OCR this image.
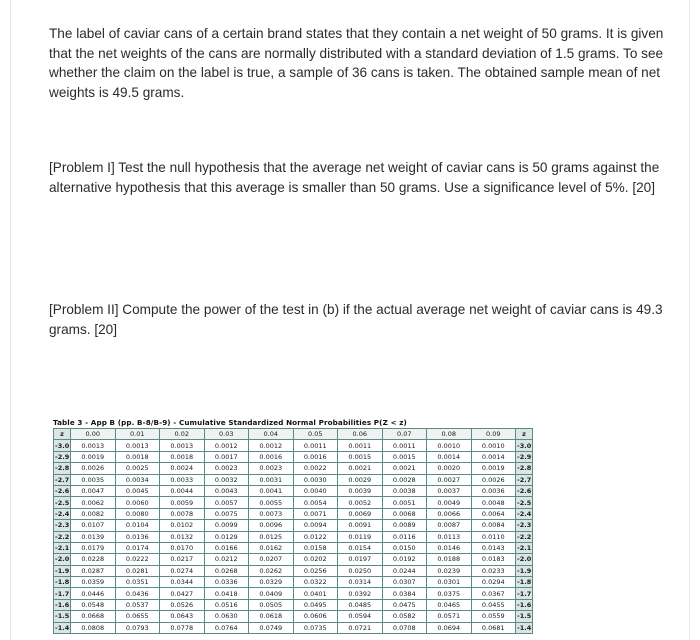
The label of caviar cans of a certain brand states that they contain a net weight of 50 grams. It is given that the net weights of the cans are normally distributed with a standard deviation of 1.5 grams. To see whether the claim on the label is true, a sample of 36 cans is taken. The obtained sample mean of net weights is 49.5 grams.

[Problem I] Test the null hypothesis that the average net weight of caviar cans is 50 grams against the alternative hypothesis that this average is smaller than 50 grams. Use a significance level of 5%. [20]

[Problem II] Compute the power of the test in (b) if the actual average net weight of caviar cans is 49.3 grams. [20]

Table 3 - App B (pp. B-8/B-9) - Cumulative Standardized Normal Probabilities P(Z < z)
z	0.00	0.01	0.02	0.03	0.04	0.05	0.06	0.07	0.08	0.09	z
-3.0	0.0013	0.0013	0.0013	0.0012	0.0012	0.0011	0.0011	0.0011	0.0010	0.0010	-3.0
-2.9	0.0019	0.0018	0.0018	0.0017	0.0016	0.0016	0.0015	0.0015	0.0014	0.0014	-2.9
-2.8	0.0026	0.0025	0.0024	0.0023	0.0023	0.0022	0.0021	0.0021	0.0020	0.0019	-2.8
-2.7	0.0035	0.0034	0.0033	0.0032	0.0031	0.0030	0.0029	0.0028	0.0027	0.0026	-2.7
-2.6	0.0047	0.0045	0.0044	0.0043	0.0041	0.0040	0.0039	0.0038	0.0037	0.0036	-2.6
-2.5	0.0062	0.0060	0.0059	0.0057	0.0055	0.0054	0.0052	0.0051	0.0049	0.0048	-2.5
-2.4	0.0082	0.0080	0.0078	0.0075	0.0073	0.0071	0.0069	0.0068	0.0066	0.0064	-2.4
-2.3	0.0107	0.0104	0.0102	0.0099	0.0096	0.0094	0.0091	0.0089	0.0087	0.0084	-2.3
-2.2	0.0139	0.0136	0.0132	0.0129	0.0125	0.0122	0.0119	0.0116	0.0113	0.0110	-2.2
-2.1	0.0179	0.0174	0.0170	0.0166	0.0162	0.0158	0.0154	0.0150	0.0146	0.0143	-2.1
-2.0	0.0228	0.0222	0.0217	0.0212	0.0207	0.0202	0.0197	0.0192	0.0188	0.0183	-2.0
-1.9	0.0287	0.0281	0.0274	0.0268	0.0262	0.0256	0.0250	0.0244	0.0239	0.0233	-1.9
-1.8	0.0359	0.0351	0.0344	0.0336	0.0329	0.0322	0.0314	0.0307	0.0301	0.0294	-1.8
-1.7	0.0446	0.0436	0.0427	0.0418	0.0409	0.0401	0.0392	0.0384	0.0375	0.0367	-1.7
-1.6	0.0548	0.0537	0.0526	0.0516	0.0505	0.0495	0.0485	0.0475	0.0465	0.0455	-1.6
-1.5	0.0668	0.0655	0.0643	0.0630	0.0618	0.0606	0.0594	0.0582	0.0571	0.0559	-1.5
-1.4	0.0808	0.0793	0.0778	0.0764	0.0749	0.0735	0.0721	0.0708	0.0694	0.0681	-1.4
